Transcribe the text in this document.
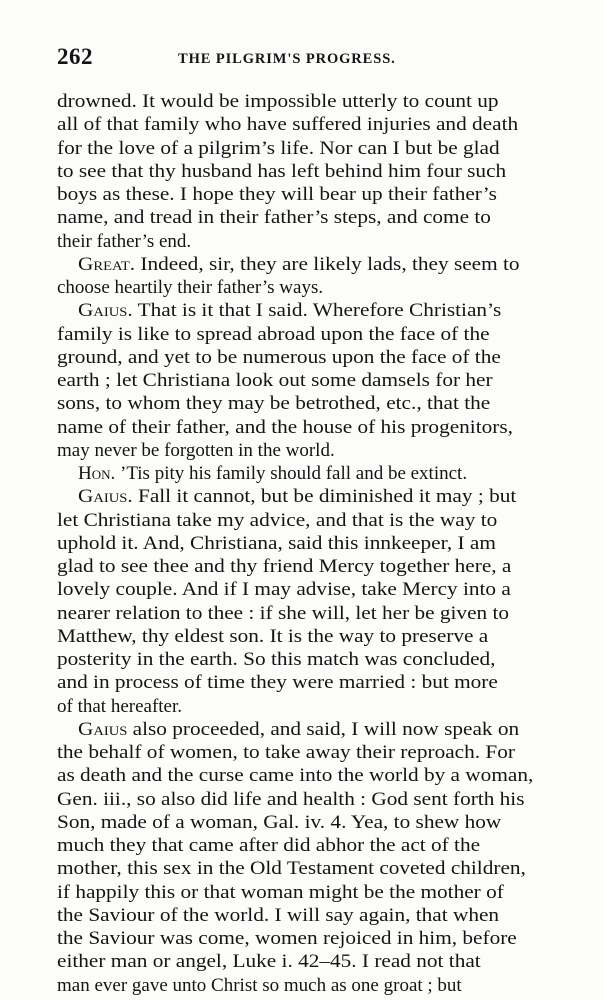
262	THE PILGRIM'S PROGRESS.
drowned. It would be impossible utterly to count up
all of that family who have suffered injuries and death
for the love of a pilgrim’s life. Nor can I but be glad
to see that thy husband has left behind him four such
boys as these. I hope they will bear up their father’s
name, and tread in their father’s steps, and come to
their father’s end.
Great. Indeed, sir, they are likely lads, they seem to
choose heartily their father’s ways.
Gaius. That is it that I said. Wherefore Christian’s
family is like to spread abroad upon the face of the
ground, and yet to be numerous upon the face of the
earth ; let Christiana look out some damsels for her
sons, to whom they may be betrothed, etc., that the
name of their father, and the house of his progenitors,
may never be forgotten in the world.
Hon. ’Tis pity his family should fall and be extinct.
Gaius. Fall it cannot, but be diminished it may ; but
let Christiana take my advice, and that is the way to
uphold it. And, Christiana, said this innkeeper, I am
glad to see thee and thy friend Mercy together here, a
lovely couple. And if I may advise, take Mercy into a
nearer relation to thee : if she will, let her be given to
Matthew, thy eldest son. It is the way to preserve a
posterity in the earth. So this match was concluded,
and in process of time they were married : but more
of that hereafter.
Gaius also proceeded, and said, I will now speak on
the behalf of women, to take away their reproach. For
as death and the curse came into the world by a woman,
Gen. iii., so also did life and health : God sent forth his
Son, made of a woman, Gal. iv. 4. Yea, to shew how
much they that came after did abhor the act of the
mother, this sex in the Old Testament coveted children,
if happily this or that woman might be the mother of
the Saviour of the world. I will say again, that when
the Saviour was come, women rejoiced in him, before
either man or angel, Luke i. 42–45. I read not that
man ever gave unto Christ so much as one groat ; but
